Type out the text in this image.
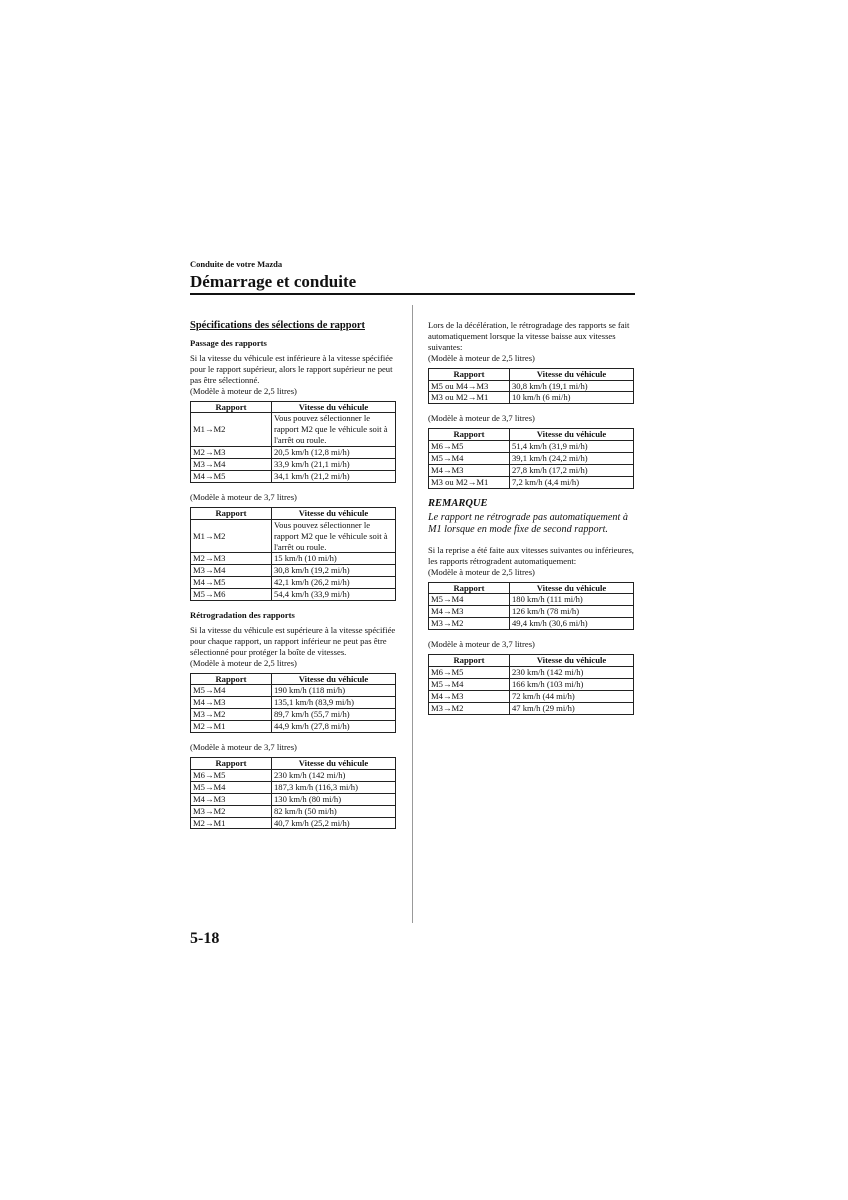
Conduite de votre Mazda
Démarrage et conduite
Spécifications des sélections de rapport
Passage des rapports

Si la vitesse du véhicule est inférieure à la vitesse spécifiée pour le rapport supérieur, alors le rapport supérieur ne peut pas être sélectionné.

(Modèle à moteur de 2,5 litres)

Rapport	Vitesse du véhicule
M1→M2	Vous pouvez sélectionner le rapport M2 que le véhicule soit à l'arrêt ou roule.
M2→M3	20,5 km/h (12,8 mi/h)
M3→M4	33,9 km/h (21,1 mi/h)
M4→M5	34,1 km/h (21,2 mi/h)

(Modèle à moteur de 3,7 litres)

Rapport	Vitesse du véhicule
M1→M2	Vous pouvez sélectionner le rapport M2 que le véhicule soit à l'arrêt ou roule.
M2→M3	15 km/h (10 mi/h)
M3→M4	30,8 km/h (19,2 mi/h)
M4→M5	42,1 km/h (26,2 mi/h)
M5→M6	54,4 km/h (33,9 mi/h)
Rétrogradation des rapports

Si la vitesse du véhicule est supérieure à la vitesse spécifiée pour chaque rapport, un rapport inférieur ne peut pas être sélectionné pour protéger la boîte de vitesses.

(Modèle à moteur de 2,5 litres)

Rapport	Vitesse du véhicule
M5→M4	190 km/h (118 mi/h)
M4→M3	135,1 km/h (83,9 mi/h)
M3→M2	89,7 km/h (55,7 mi/h)
M2→M1	44,9 km/h (27,8 mi/h)

(Modèle à moteur de 3,7 litres)

Rapport	Vitesse du véhicule
M6→M5	230 km/h (142 mi/h)
M5→M4	187,3 km/h (116,3 mi/h)
M4→M3	130 km/h (80 mi/h)
M3→M2	82 km/h (50 mi/h)
M2→M1	40,7 km/h (25,2 mi/h)

Lors de la décélération, le rétrogradage des rapports se fait automatiquement lorsque la vitesse baisse aux vitesses suivantes:

(Modèle à moteur de 2,5 litres)

Rapport	Vitesse du véhicule
M5 ou M4→M3	30,8 km/h (19,1 mi/h)
M3 ou M2→M1	10 km/h (6 mi/h)

(Modèle à moteur de 3,7 litres)

Rapport	Vitesse du véhicule
M6→M5	51,4 km/h (31,9 mi/h)
M5→M4	39,1 km/h (24,2 mi/h)
M4→M3	27,8 km/h (17,2 mi/h)
M3 ou M2→M1	7,2 km/h (4,4 mi/h)
REMARQUE
Le rapport ne rétrograde pas automatiquement à M1 lorsque en mode fixe de second rapport.

Si la reprise a été faite aux vitesses suivantes ou inférieures, les rapports rétrogradent automatiquement:

(Modèle à moteur de 2,5 litres)

Rapport	Vitesse du véhicule
M5→M4	180 km/h (111 mi/h)
M4→M3	126 km/h (78 mi/h)
M3→M2	49,4 km/h (30,6 mi/h)

(Modèle à moteur de 3,7 litres)

Rapport	Vitesse du véhicule
M6→M5	230 km/h (142 mi/h)
M5→M4	166 km/h (103 mi/h)
M4→M3	72 km/h (44 mi/h)
M3→M2	47 km/h (29 mi/h)
5-18
